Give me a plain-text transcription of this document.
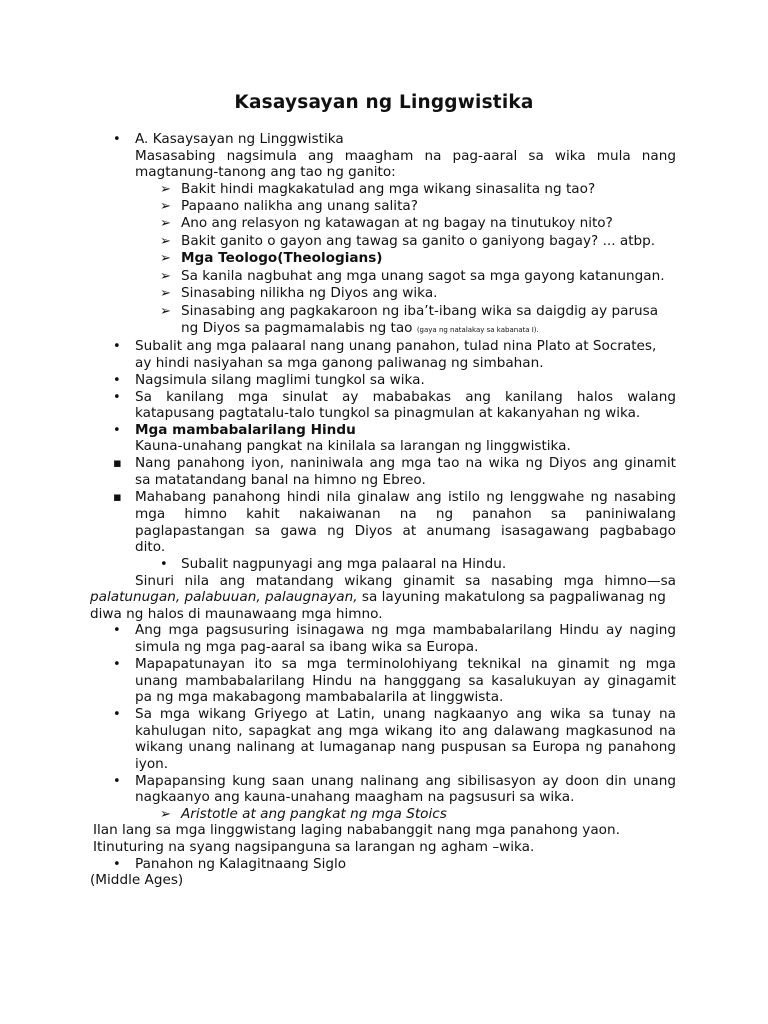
Kasaysayan ng Linggwistika
• A. Kasaysayan ng Linggwistika
Masasabing nagsimula ang maagham na pag-aaral sa wika mula nang
magtanung-tanong ang tao ng ganito:
➢ Bakit hindi magkakatulad ang mga wikang sinasalita ng tao?
➢ Papaano nalikha ang unang salita?
➢ Ano ang relasyon ng katawagan at ng bagay na tinutukoy nito?
➢ Bakit ganito o gayon ang tawag sa ganito o ganiyong bagay? ... atbp.
➢ Mga Teologo(Theologians)
➢ Sa kanila nagbuhat ang mga unang sagot sa mga gayong katanungan.
➢ Sinasabing nilikha ng Diyos ang wika.
➢ Sinasabing ang pagkakaroon ng iba’t-ibang wika sa daigdig ay parusa
ng Diyos sa pagmamalabis ng tao (gaya ng natalakay sa kabanata I).
• Subalit ang mga palaaral nang unang panahon, tulad nina Plato at Socrates,
ay hindi nasiyahan sa mga ganong paliwanag ng simbahan.
• Nagsimula silang maglimi tungkol sa wika.
• Sa kanilang mga sinulat ay mababakas ang kanilang halos walang
katapusang pagtatalu-talo tungkol sa pinagmulan at kakanyahan ng wika.
• Mga mambabalarilang Hindu
Kauna-unahang pangkat na kinilala sa larangan ng linggwistika.
▪ Nang panahong iyon, naniniwala ang mga tao na wika ng Diyos ang ginamit
sa matatandang banal na himno ng Ebreo.
▪ Mahabang panahong hindi nila ginalaw ang istilo ng lenggwahe ng nasabing
mga himno kahit nakaiwanan na ng panahon sa paniniwalang
paglapastangan sa gawa ng Diyos at anumang isasagawang pagbabago
dito.
• Subalit nagpunyagi ang mga palaaral na Hindu.
Sinuri nila ang matandang wikang ginamit sa nasabing mga himno—sa
palatunugan, palabuuan, palaugnayan, sa layuning makatulong sa pagpaliwanag ng
diwa ng halos di maunawaang mga himno.
• Ang mga pagsusuring isinagawa ng mga mambabalarilang Hindu ay naging
simula ng mga pag-aaral sa ibang wika sa Europa.
• Mapapatunayan ito sa mga terminolohiyang teknikal na ginamit ng mga
unang mambabalarilang Hindu na hangggang sa kasalukuyan ay ginagamit
pa ng mga makabagong mambabalarila at linggwista.
• Sa mga wikang Griyego at Latin, unang nagkaanyo ang wika sa tunay na
kahulugan nito, sapagkat ang mga wikang ito ang dalawang magkasunod na
wikang unang nalinang at lumaganap nang puspusan sa Europa ng panahong
iyon.
• Mapapansing kung saan unang nalinang ang sibilisasyon ay doon din unang
nagkaanyo ang kauna-unahang maagham na pagsusuri sa wika.
➢ Aristotle at ang pangkat ng mga Stoics
Ilan lang sa mga linggwistang laging nababanggit nang mga panahong yaon.
Itinuturing na syang nagsipanguna sa larangan ng agham –wika.
• Panahon ng Kalagitnaang Siglo
(Middle Ages)
